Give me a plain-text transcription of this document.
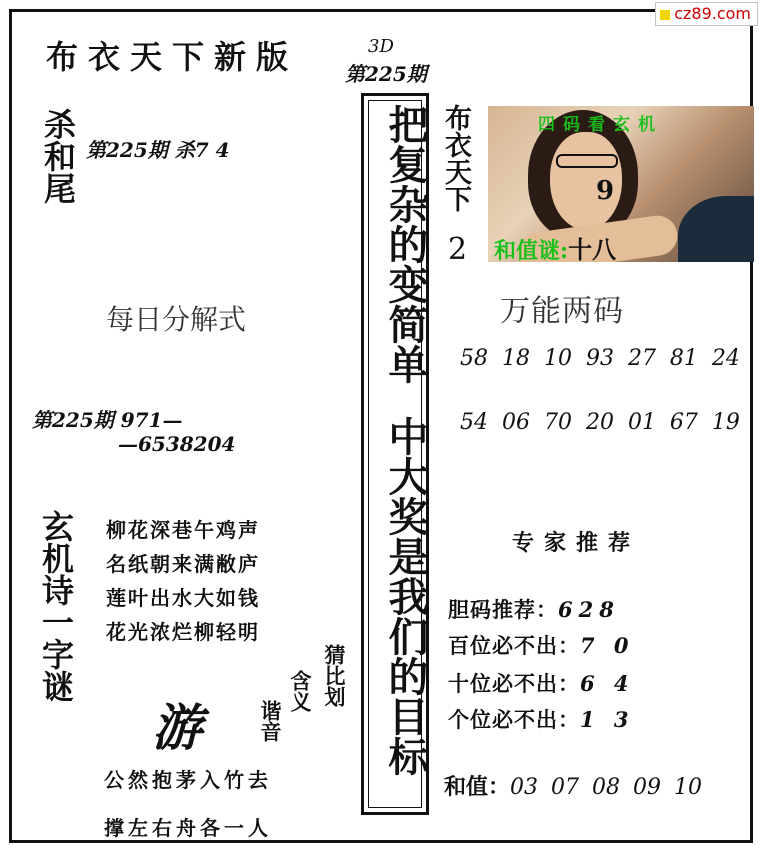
cz89.com
布衣天下新版	3D
第225期
杀和尾 第225期 杀7 4
每日分解式
第225期 971—
—6538204
玄机诗一字谜
柳花深巷午鸡声
名纸朝来满敝庐
莲叶出水大如钱
花光浓烂柳轻明
游	谐音
含义 猜比划
公然抱茅入竹去
撑左右舟各一人
把复杂的变简单
中大奖是我们的目标
布衣天下
2
四码看玄机
9
和值谜:十八
万能两码
58 18 10 93 27 81 24
54 06 70 20 01 67 19
专家推荐
胆码推荐：628
百位必不出：7 0
十位必不出：6 4
个位必不出：1 3
和值：03 07 08 09 10
